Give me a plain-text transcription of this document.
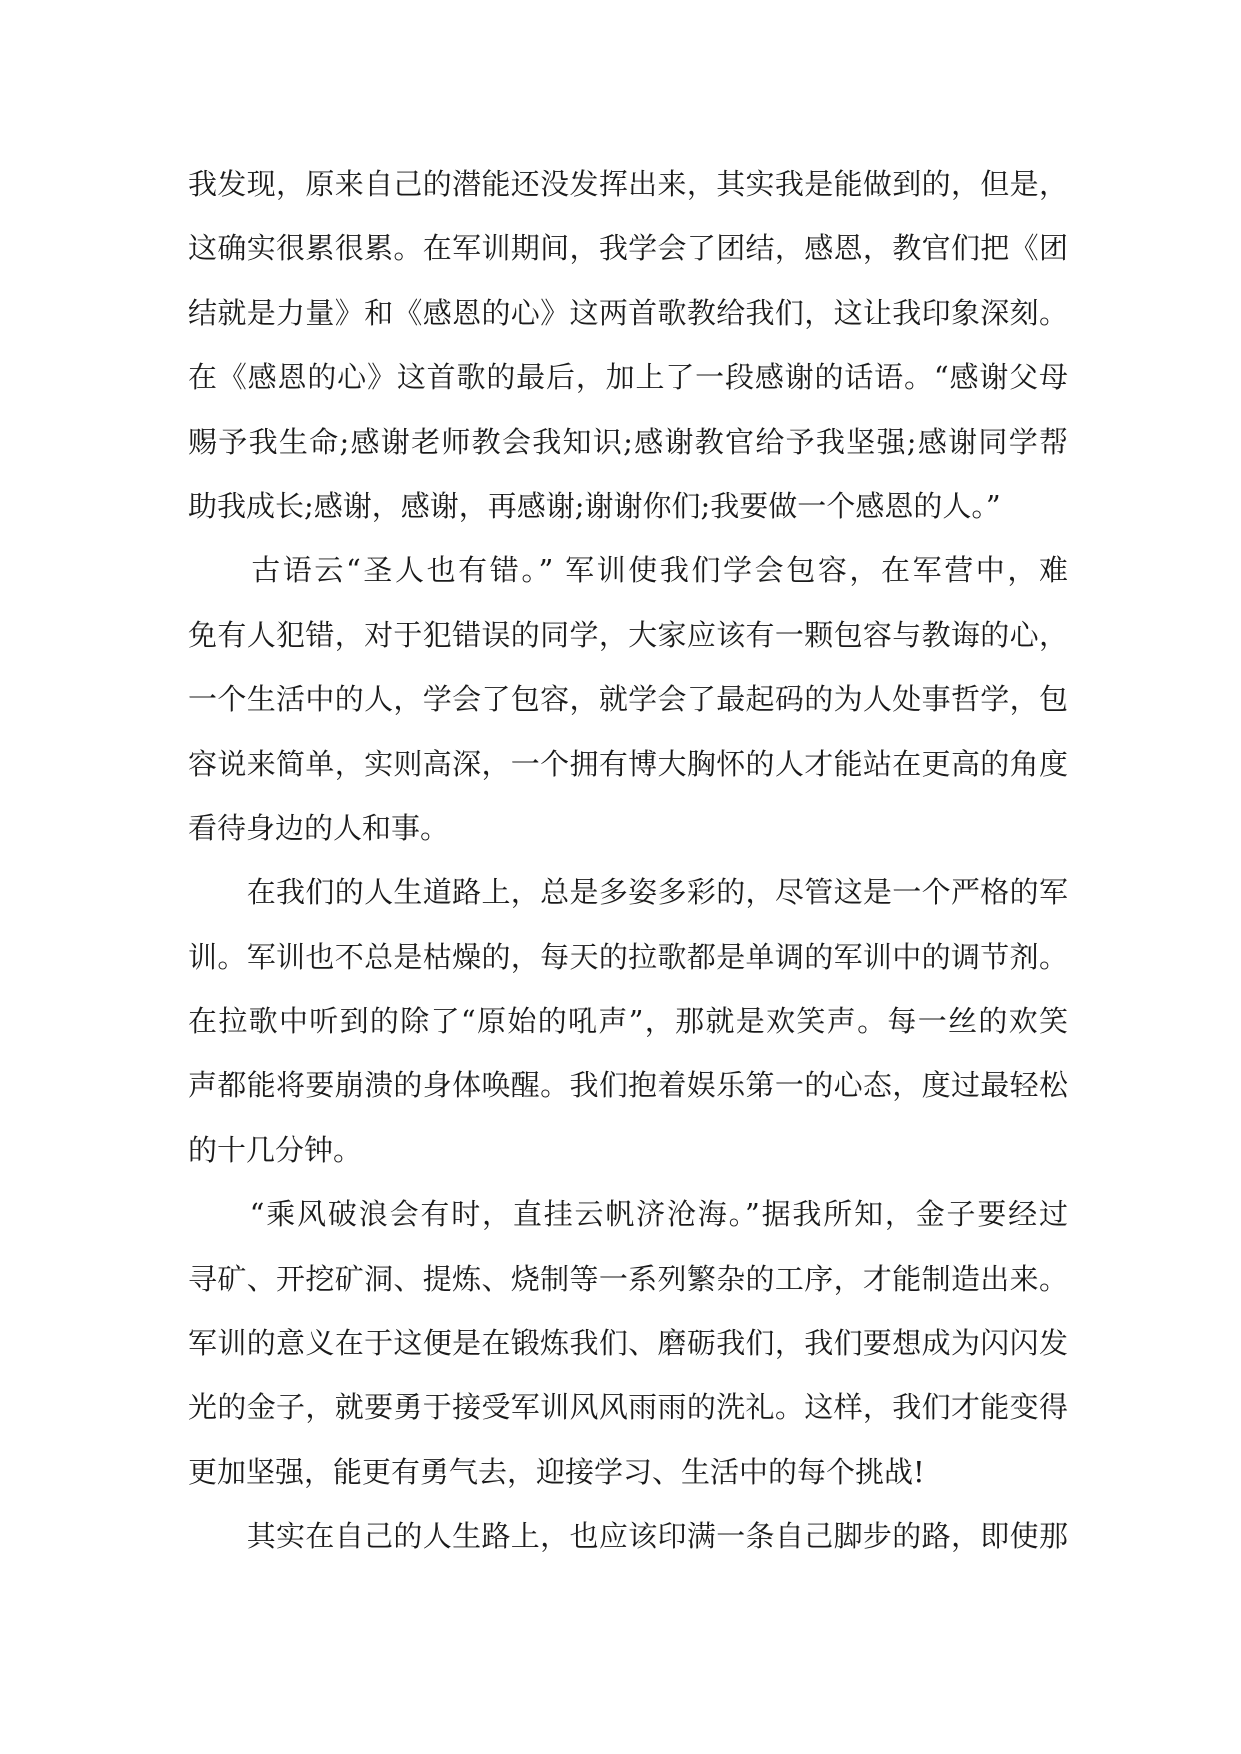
我发现，原来自己的潜能还没发挥出来，其实我是能做到的，但是，
这确实很累很累。在军训期间，我学会了团结，感恩，教官们把《团
结就是力量》和《感恩的心》这两首歌教给我们，这让我印象深刻。
在《感恩的心》这首歌的最后，加上了一段感谢的话语。“感谢父母
赐予我生命;感谢老师教会我知识;感谢教官给予我坚强;感谢同学帮
助我成长;感谢，感谢，再感谢;谢谢你们;我要做一个感恩的人。”

　　古语云“圣人也有错。” 军训使我们学会包容，在军营中，难
免有人犯错，对于犯错误的同学，大家应该有一颗包容与教诲的心，
一个生活中的人，学会了包容，就学会了最起码的为人处事哲学，包
容说来简单，实则高深，一个拥有博大胸怀的人才能站在更高的角度
看待身边的人和事。

　　在我们的人生道路上，总是多姿多彩的，尽管这是一个严格的军
训。军训也不总是枯燥的，每天的拉歌都是单调的军训中的调节剂。
在拉歌中听到的除了“原始的吼声”，那就是欢笑声。每一丝的欢笑
声都能将要崩溃的身体唤醒。我们抱着娱乐第一的心态，度过最轻松
的十几分钟。

　　“乘风破浪会有时，直挂云帆济沧海。”据我所知，金子要经过
寻矿、开挖矿洞、提炼、烧制等一系列繁杂的工序，才能制造出来。
军训的意义在于这便是在锻炼我们、磨砺我们，我们要想成为闪闪发
光的金子，就要勇于接受军训风风雨雨的洗礼。这样，我们才能变得
更加坚强，能更有勇气去，迎接学习、生活中的每个挑战!

　　其实在自己的人生路上，也应该印满一条自己脚步的路，即使那
